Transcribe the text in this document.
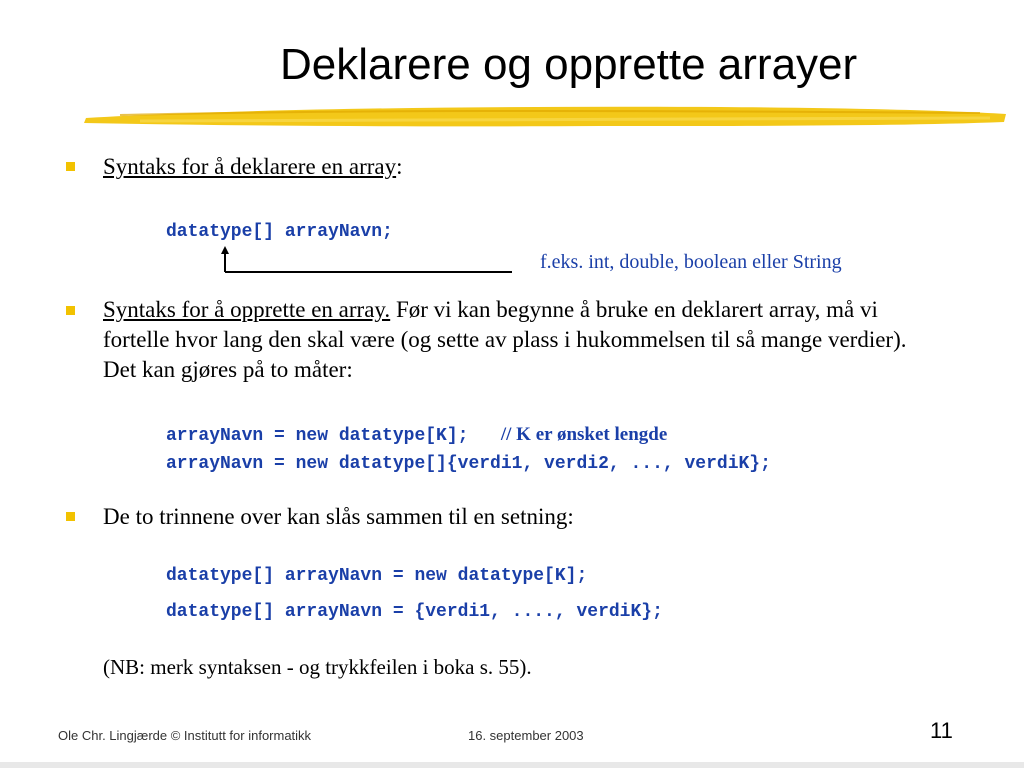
Deklarere og opprette arrayer
Syntaks for å deklarere en array:
datatype[] arrayNavn;
f.eks. int, double, boolean eller String
Syntaks for å opprette en array. Før vi kan begynne å bruke en deklarert array, må vi fortelle hvor lang den skal være (og sette av plass i hukommelsen til så mange verdier). Det kan gjøres på to måter:
arrayNavn = new datatype[K]; // K er ønsket lengde
arrayNavn = new datatype[]{verdi1, verdi2, ..., verdiK};
De to trinnene over kan slås sammen til en setning:
datatype[] arrayNavn = new datatype[K];
datatype[] arrayNavn = {verdi1, ...., verdiK};
(NB: merk syntaksen - og trykkfeilen i boka s. 55).
Ole Chr. Lingjærde © Institutt for informatikk	16. september 2003	11
